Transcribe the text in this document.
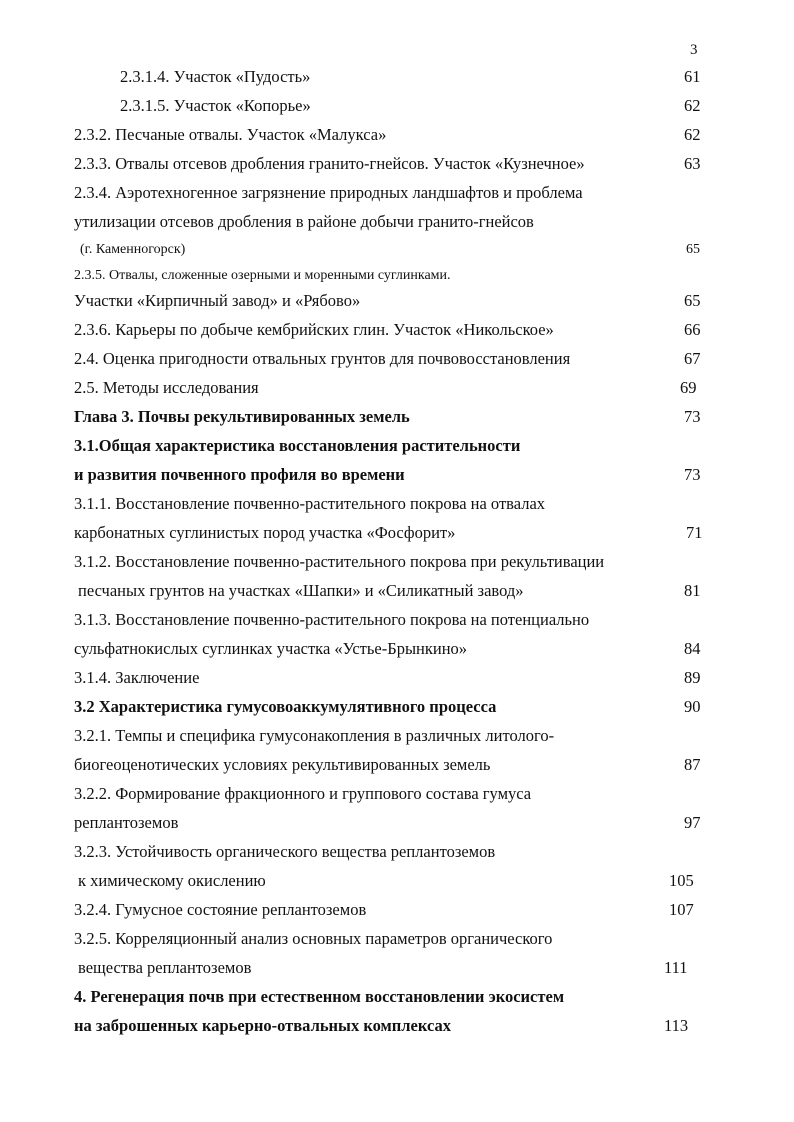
3
2.3.1.4. Участок «Пудость»	61
2.3.1.5. Участок «Копорье»	62
2.3.2. Песчаные отвалы. Участок «Малукса»	62
2.3.3. Отвалы отсевов дробления гранито-гнейсов. Участок «Кузнечное»	63
2.3.4. Аэротехногенное загрязнение природных ландшафтов и проблема
утилизации отсевов дробления в районе добычи гранито-гнейсов
(г. Каменногорск)	65
2.3.5. Отвалы, сложенные озерными и моренными суглинками.
Участки «Кирпичный завод» и «Рябово»	65
2.3.6. Карьеры по добыче кембрийских глин. Участок «Никольское»	66
2.4. Оценка пригодности отвальных грунтов для почвовосстановления	67
2.5. Методы исследования	69
Глава 3. Почвы рекультивированных земель	73
3.1.Общая характеристика восстановления растительности
и развития почвенного профиля во времени	73
3.1.1. Восстановление почвенно-растительного покрова на отвалах
карбонатных суглинистых пород участка «Фосфорит»	71
3.1.2. Восстановление почвенно-растительного покрова при рекультивации
песчаных грунтов на участках «Шапки» и «Силикатный завод»	81
3.1.3. Восстановление почвенно-растительного покрова на потенциально
сульфатнокислых суглинках участка «Устье-Брынкино»	84
3.1.4. Заключение	89
3.2 Характеристика гумусовоаккумулятивного процесса	90
3.2.1. Темпы и специфика гумусонакопления в различных литолого-
биогеоценотических условиях рекультивированных земель	87
3.2.2. Формирование фракционного и группового состава гумуса
реплантоземов	97
3.2.3. Устойчивость органического вещества реплантоземов
к химическому окислению	105
3.2.4. Гумусное состояние реплантоземов	107
3.2.5. Корреляционный анализ основных параметров органического
вещества реплантоземов	111
4. Регенерация почв при естественном восстановлении экосистем
на заброшенных карьерно-отвальных комплексах	113
